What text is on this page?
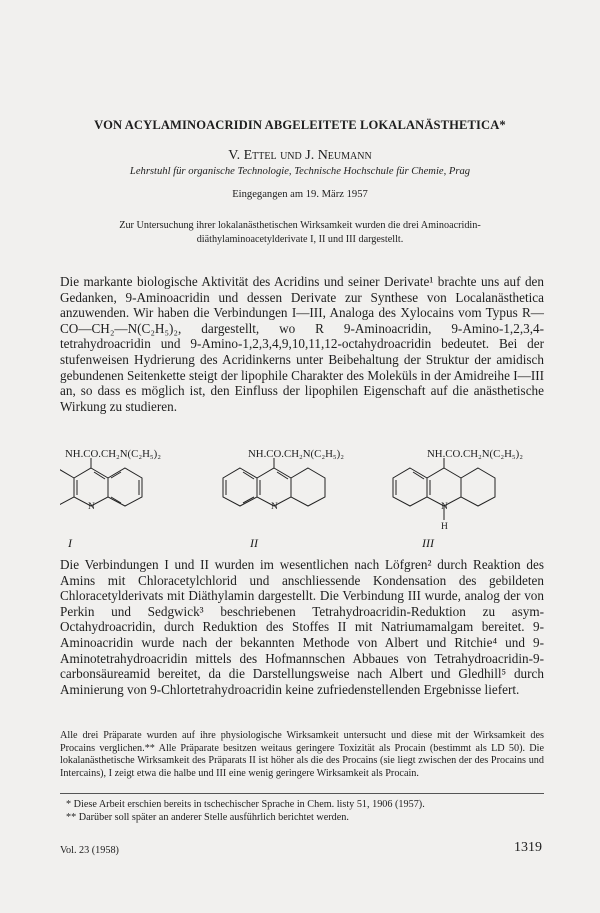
VON ACYLAMINOACRIDIN ABGELEITETE LOKALANÄSTHETICA*
V. Ettel und J. Neumann
Lehrstuhl für organische Technologie, Technische Hochschule für Chemie, Prag
Eingegangen am 19. März 1957

Zur Untersuchung ihrer lokalanästhetischen Wirksamkeit wurden die drei Aminoacridin-diäthylaminoacetylderivate I, II und III dargestellt.

Die markante biologische Aktivität des Acridins und seiner Derivate¹ brachte uns auf den Gedanken, 9-Aminoacridin und dessen Derivate zur Synthese von Localanästhetica anzuwenden. Wir haben die Verbindungen I—III, Analoga des Xylocains vom Typus R—CO—CH₂—N(C₂H₅)₂, dargestellt, wo R 9-Aminoacridin, 9-Amino-1,2,3,4-tetrahydroacridin und 9-Amino-1,2,3,4,9,10,11,12-octahydroacridin bedeutet. Bei der stufenweisen Hydrierung des Acridinkerns unter Beibehaltung der Struktur der amidisch gebundenen Seitenkette steigt der lipophile Charakter des Moleküls in der Amidreihe I—III an, so dass es möglich ist, den Einfluss der lipophilen Eigenschaft auf die anästhetische Wirkung zu studieren.

NH.CO.CH₂N(C₂H₅)₂	NH.CO.CH₂N(C₂H₅)₂	NH.CO.CH₂N(C₂H₅)₂
N	N	N
H
I	II	III

Die Verbindungen I und II wurden im wesentlichen nach Löfgren² durch Reaktion des Amins mit Chloracetylchlorid und anschliessende Kondensation des gebildeten Chloracetylderivats mit Diäthylamin dargestellt. Die Verbindung III wurde, analog der von Perkin und Sedgwick³ beschriebenen Tetrahydroacridin-Reduktion zu asym-Octahydroacridin, durch Reduktion des Stoffes II mit Natriumamalgam bereitet. 9-Aminoacridin wurde nach der bekannten Methode von Albert und Ritchie⁴ und 9-Aminotetrahydroacridin mittels des Hofmannschen Abbaues von Tetrahydroacridin-9-carbonsäureamid bereitet, da die Darstellungsweise nach Albert und Gledhill⁵ durch Aminierung von 9-Chlortetrahydroacridin keine zufriedenstellenden Ergebnisse liefert.

Alle drei Präparate wurden auf ihre physiologische Wirksamkeit untersucht und diese mit der Wirksamkeit des Procains verglichen.** Alle Präparate besitzen weitaus geringere Toxizität als Procain (bestimmt als LD 50). Die lokalanästhetische Wirksamkeit des Präparats II ist höher als die des Procains (sie liegt zwischen der des Procains und Intercains), I zeigt etwa die halbe und III eine wenig geringere Wirksamkeit als Procain.

* Diese Arbeit erschien bereits in tschechischer Sprache in Chem. listy 51, 1906 (1957).
** Darüber soll später an anderer Stelle ausführlich berichtet werden.
Vol. 23 (1958)	1319
